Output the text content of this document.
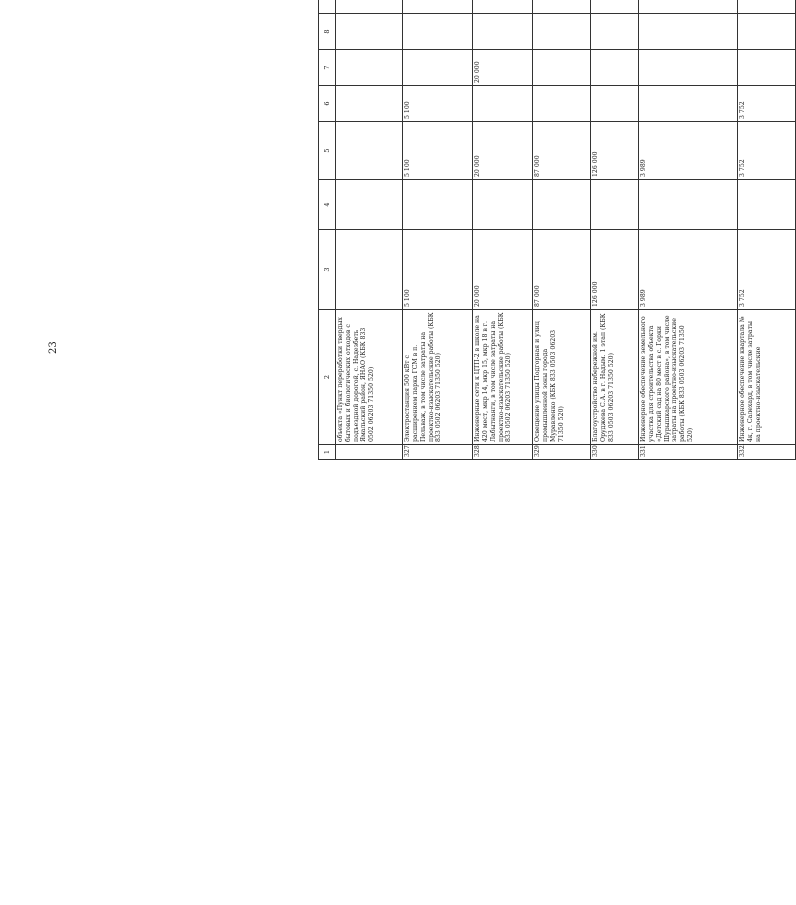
23
1	2	3	4	5	6	7	8											
	объекта «Пункт переработки твердых бытовых и биологических отходов с подъездной дорогой, с. Надезбеть Ямальский район, ЯНАО (КБК 833 0502 06203 71350 520)																	
327.	Электростанция 500 кВт с расширением парка ГСМ в п. Пельваж, в том числе затраты на проектно-изыскательские работы (КБК 833 0502 06203 71350 520)	5 100		5 100	5 100													
328.	Инженерные сети к ЦТП-2 в школе на 420 мест, мкр 14, мкр 15, мкр 18 в г. Лабытнанги, в том числе затраты на проектно-изыскательские работы (КБК 833 0502 06203 71350 520)	20 000		20 000		20 000												
329.	Освещение улицы Подгорная и улиц промышленной зоны города Муравленко (КБК 833 0503 06203 71350 520)	87 000		87 000														
330.	Благоустройство набережной им. Оруджева С.А. в г. Надым. 1 этап (КБК 833 0503 06203 71350 520)	126 000		126 000														
331.	Инженерное обеспечение земельного участка для строительства объекта «Детский сад на 80 мест в с. Горки Шурышкарского района», в том числе затраты на проектно-изыскательские работы (КБК 833 0503 06203 71350 520)	3 989		3 989														
332.	Инженерное обеспечение квартала № 4к, г. Салехард, в том числе затраты на проектно-изыскательские	3 752		3 752	3 752													
